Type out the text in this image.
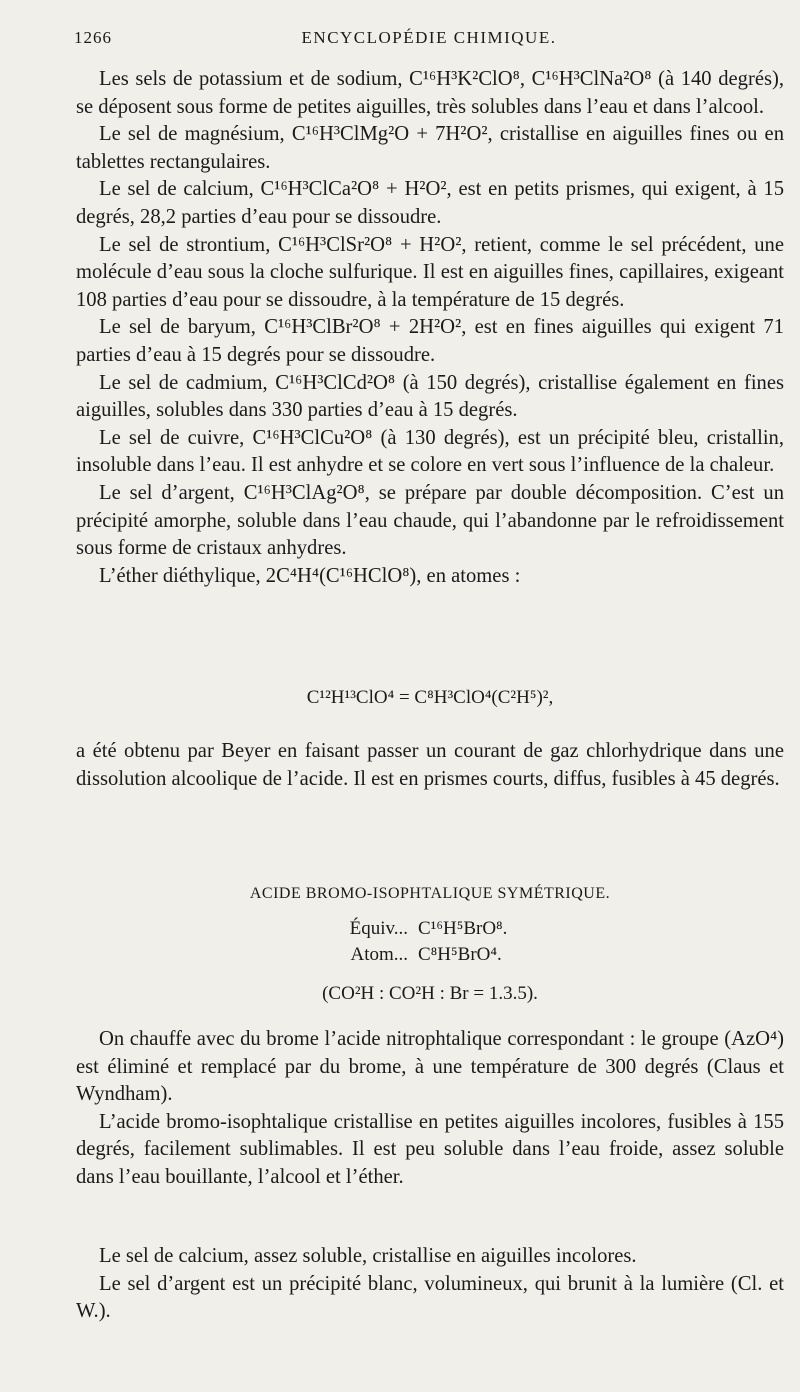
1266	ENCYCLOPÉDIE CHIMIQUE.

Les sels de potassium et de sodium, C¹⁶H³K²ClO⁸, C¹⁶H³ClNa²O⁸ (à 140 degrés), se déposent sous forme de petites aiguilles, très solubles dans l’eau et dans l’alcool.

Le sel de magnésium, C¹⁶H³ClMg²O + 7H²O², cristallise en aiguilles fines ou en tablettes rectangulaires.

Le sel de calcium, C¹⁶H³ClCa²O⁸ + H²O², est en petits prismes, qui exigent, à 15 degrés, 28,2 parties d’eau pour se dissoudre.

Le sel de strontium, C¹⁶H³ClSr²O⁸ + H²O², retient, comme le sel précédent, une molécule d’eau sous la cloche sulfurique. Il est en aiguilles fines, capillaires, exigeant 108 parties d’eau pour se dissoudre, à la température de 15 degrés.

Le sel de baryum, C¹⁶H³ClBr²O⁸ + 2H²O², est en fines aiguilles qui exigent 71 parties d’eau à 15 degrés pour se dissoudre.

Le sel de cadmium, C¹⁶H³ClCd²O⁸ (à 150 degrés), cristallise également en fines aiguilles, solubles dans 330 parties d’eau à 15 degrés.

Le sel de cuivre, C¹⁶H³ClCu²O⁸ (à 130 degrés), est un précipité bleu, cristallin, insoluble dans l’eau. Il est anhydre et se colore en vert sous l’influence de la chaleur.

Le sel d’argent, C¹⁶H³ClAg²O⁸, se prépare par double décomposition. C’est un précipité amorphe, soluble dans l’eau chaude, qui l’abandonne par le refroidissement sous forme de cristaux anhydres.

L’éther diéthylique, 2C⁴H⁴(C¹⁶HClO⁸), en atomes :

C¹²H¹³ClO⁴ = C⁸H³ClO⁴(C²H⁵)²,

a été obtenu par Beyer en faisant passer un courant de gaz chlorhydrique dans une dissolution alcoolique de l’acide. Il est en prismes courts, diffus, fusibles à 45 degrés.

ACIDE BROMO-ISOPHTALIQUE SYMÉTRIQUE.
Équiv... C¹⁶H⁵BrO⁸.
Atom... C⁸H⁵BrO⁴.
(CO²H : CO²H : Br = 1.3.5).

On chauffe avec du brome l’acide nitrophtalique correspondant : le groupe (AzO⁴) est éliminé et remplacé par du brome, à une température de 300 degrés (Claus et Wyndham).

L’acide bromo-isophtalique cristallise en petites aiguilles incolores, fusibles à 155 degrés, facilement sublimables. Il est peu soluble dans l’eau froide, assez soluble dans l’eau bouillante, l’alcool et l’éther.

Le sel de calcium, assez soluble, cristallise en aiguilles incolores.

Le sel d’argent est un précipité blanc, volumineux, qui brunit à la lumière (Cl. et W.).
